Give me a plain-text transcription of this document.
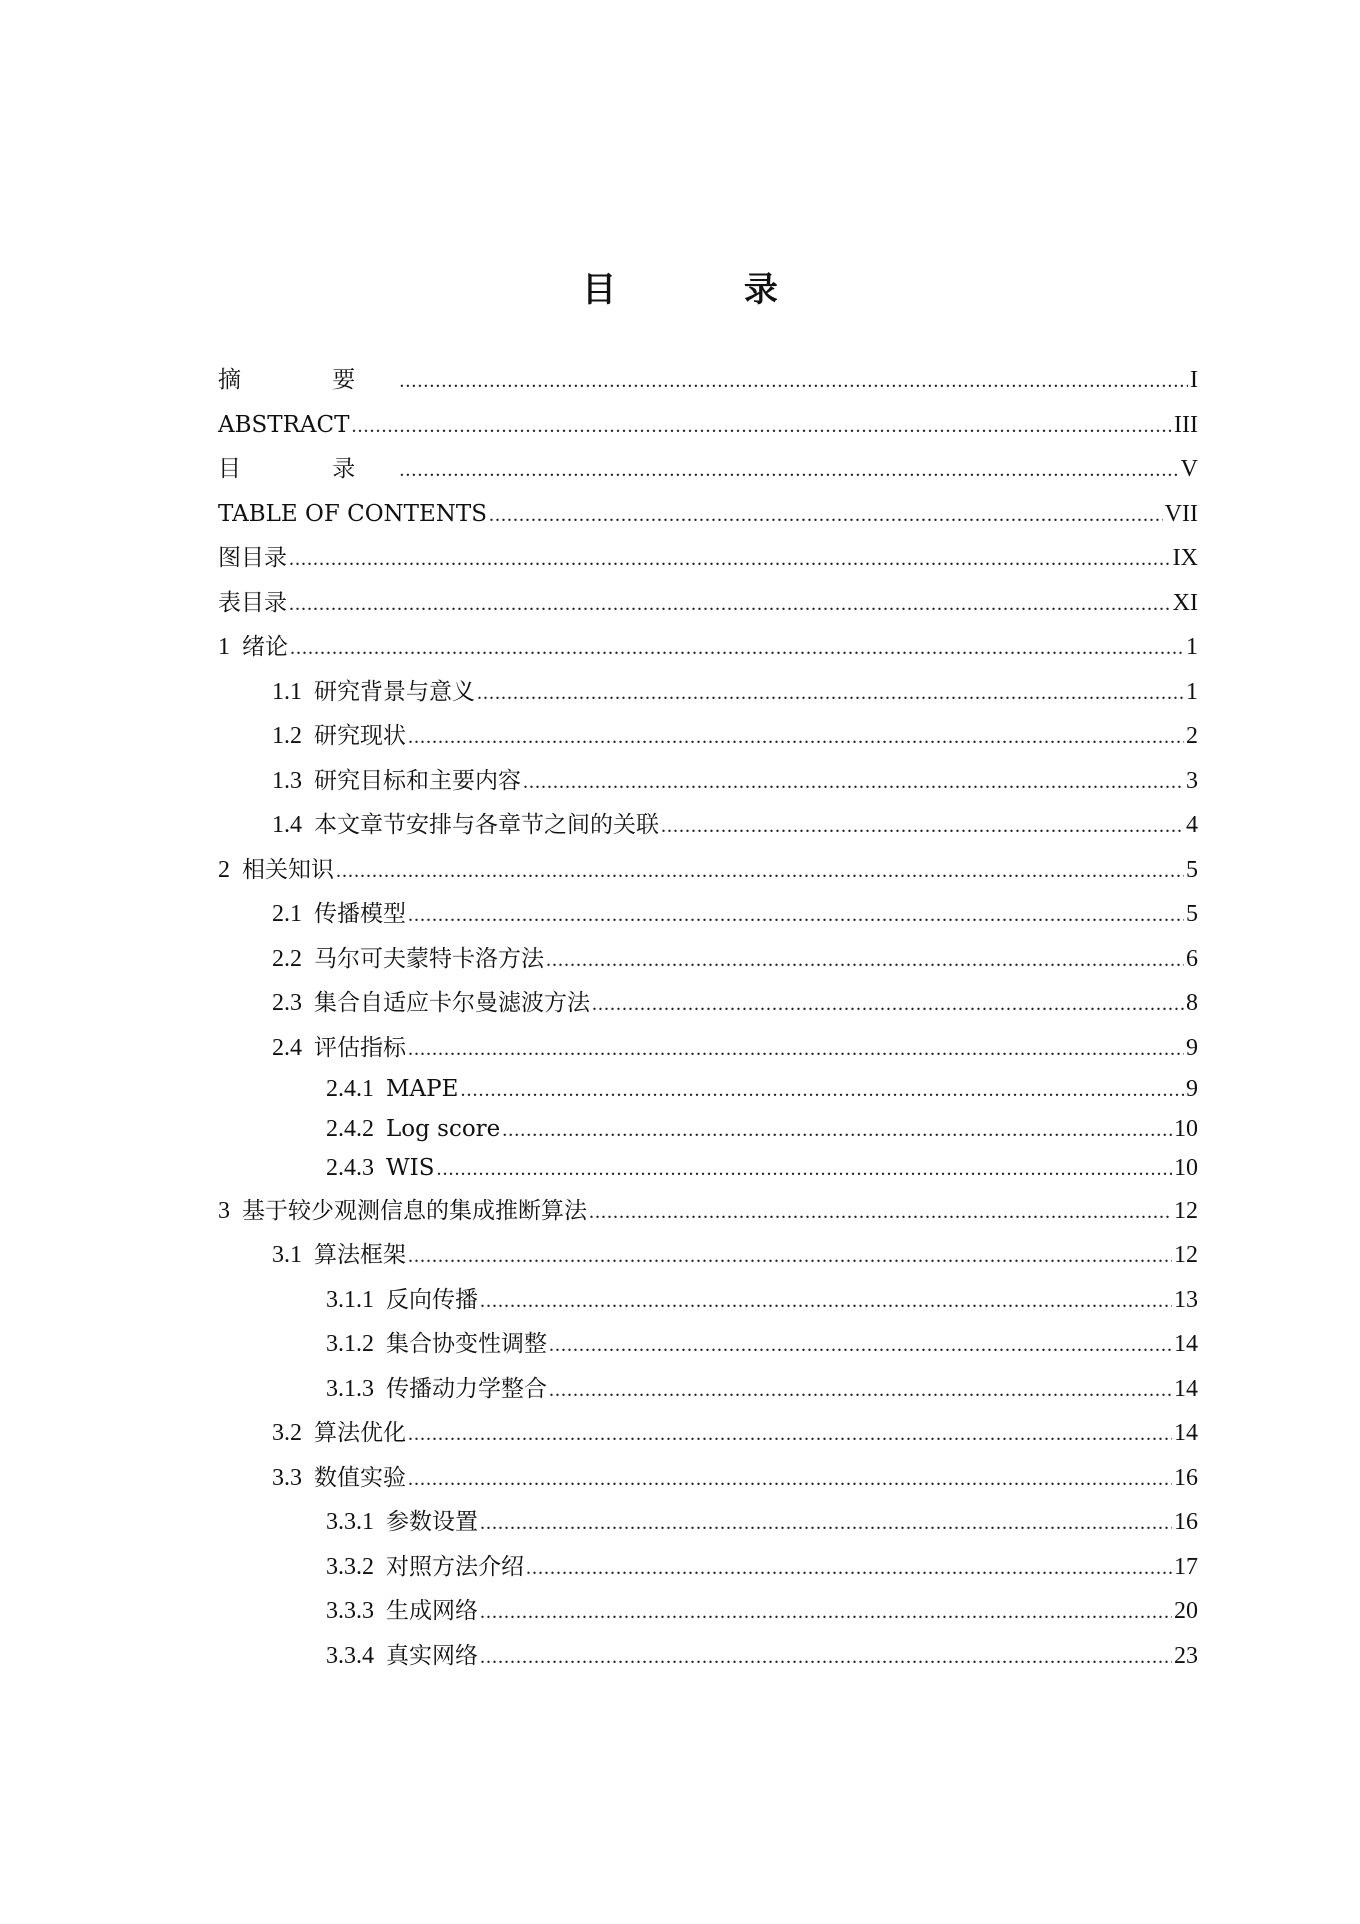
目 录
摘 要 .....	I
ABSTRACT .....	III
目 录 .....	V
TABLE OF CONTENTS .....	VII
图目录 .....	IX
表目录 .....	XI
1 绪论 .....	1
1.1 研究背景与意义 .....	1
1.2 研究现状 .....	2
1.3 研究目标和主要内容 .....	3
1.4 本文章节安排与各章节之间的关联 .....	4
2 相关知识 .....	5
2.1 传播模型 .....	5
2.2 马尔可夫蒙特卡洛方法 .....	6
2.3 集合自适应卡尔曼滤波方法 .....	8
2.4 评估指标 .....	9
2.4.1 MAPE .....	9
2.4.2 Log score .....	10
2.4.3 WIS .....	10
3 基于较少观测信息的集成推断算法 .....	12
3.1 算法框架 .....	12
3.1.1 反向传播 .....	13
3.1.2 集合协变性调整 .....	14
3.1.3 传播动力学整合 .....	14
3.2 算法优化 .....	14
3.3 数值实验 .....	16
3.3.1 参数设置 .....	16
3.3.2 对照方法介绍 .....	17
3.3.3 生成网络 .....	20
3.3.4 真实网络 .....	23
